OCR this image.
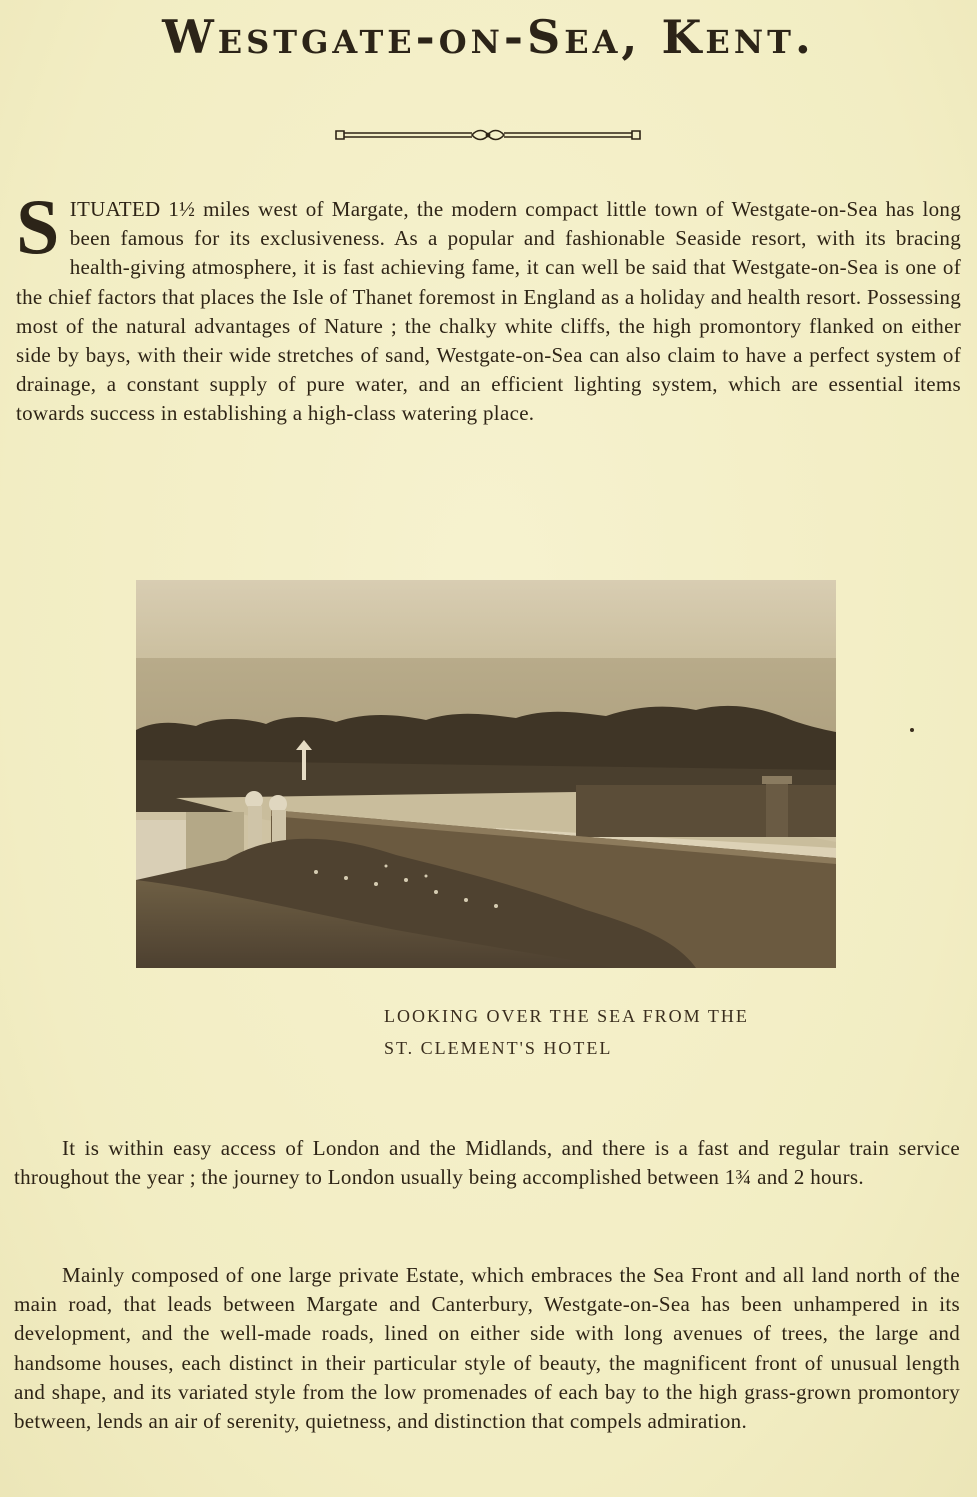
Westgate-on-Sea, Kent.
SITUATED 1½ miles west of Margate, the modern compact little town of Westgate-on-Sea has long been famous for its exclusiveness. As a popular and fashionable Seaside resort, with its bracing health-giving atmosphere, it is fast achieving fame, it can well be said that Westgate-on-Sea is one of the chief factors that places the Isle of Thanet foremost in England as a holiday and health resort. Possessing most of the natural advantages of Nature ; the chalky white cliffs, the high promontory flanked on either side by bays, with their wide stretches of sand, Westgate-on-Sea can also claim to have a perfect system of drainage, a constant supply of pure water, and an efficient lighting system, which are essential items towards success in establishing a high-class watering place.
LOOKING OVER THE SEA FROM THE
ST. CLEMENT'S HOTEL
It is within easy access of London and the Midlands, and there is a fast and regular train service throughout the year ; the journey to London usually being accomplished between 1¾ and 2 hours.
Mainly composed of one large private Estate, which embraces the Sea Front and all land north of the main road, that leads between Margate and Canterbury, Westgate-on-Sea has been unhampered in its development, and the well-made roads, lined on either side with long avenues of trees, the large and handsome houses, each distinct in their particular style of beauty, the magnificent front of unusual length and shape, and its variated style from the low promenades of each bay to the high grass-grown promontory between, lends an air of serenity, quietness, and distinction that compels admiration.
